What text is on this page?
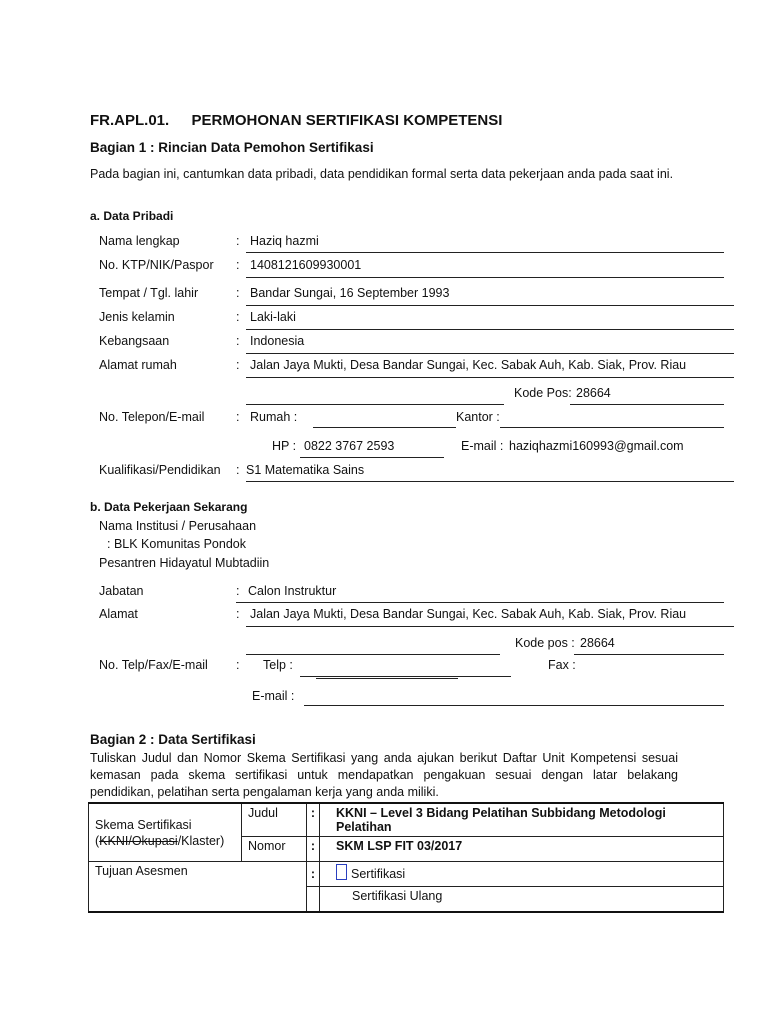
FR.APL.01. PERMOHONAN SERTIFIKASI KOMPETENSI
Bagian 1 : Rincian Data Pemohon Sertifikasi
Pada bagian ini, cantumkan data pribadi, data pendidikan formal serta data pekerjaan anda pada saat ini.
a. Data Pribadi
Nama lengkap	: Haziq hazmi
No. KTP/NIK/Paspor : 1408121609930001
Tempat / Tgl. lahir	: Bandar Sungai, 16 September 1993
Jenis kelamin	: Laki-laki
Kebangsaan	: Indonesia
Alamat rumah	: Jalan Jaya Mukti, Desa Bandar Sungai, Kec. Sabak Auh, Kab. Siak, Prov. Riau
Kode Pos: 28664
No. Telepon/E-mail	: Rumah :	Kantor :
HP : 0822 3767 2593	E-mail : haziqhazmi160993@gmail.com
Kualifikasi/Pendidikan : S1 Matematika Sains
b. Data Pekerjaan Sekarang
Nama Institusi / Perusahaan
: BLK Komunitas Pondok
Pesantren Hidayatul Mubtadiin
Jabatan	: Calon Instruktur
Alamat	: Jalan Jaya Mukti, Desa Bandar Sungai, Kec. Sabak Auh, Kab. Siak, Prov. Riau
Kode pos : 28664
No. Telp/Fax/E-mail : Telp :	Fax :
E-mail :
Bagian 2 : Data Sertifikasi
Tuliskan Judul dan Nomor Skema Sertifikasi yang anda ajukan berikut Daftar Unit Kompetensi sesuai kemasan pada skema sertifikasi untuk mendapatkan pengakuan sesuai dengan latar belakang pendidikan, pelatihan serta pengalaman kerja yang anda miliki.
Skema Sertifikasi
(KKNI/Okupasi/Klaster)	Judul	:	KKNI – Level 3 Bidang Pelatihan Subbidang Metodologi Pelatihan
	Nomor	:	SKM LSP FIT 03/2017
Tujuan Asesmen		:	Sertifikasi
			Sertifikasi Ulang
